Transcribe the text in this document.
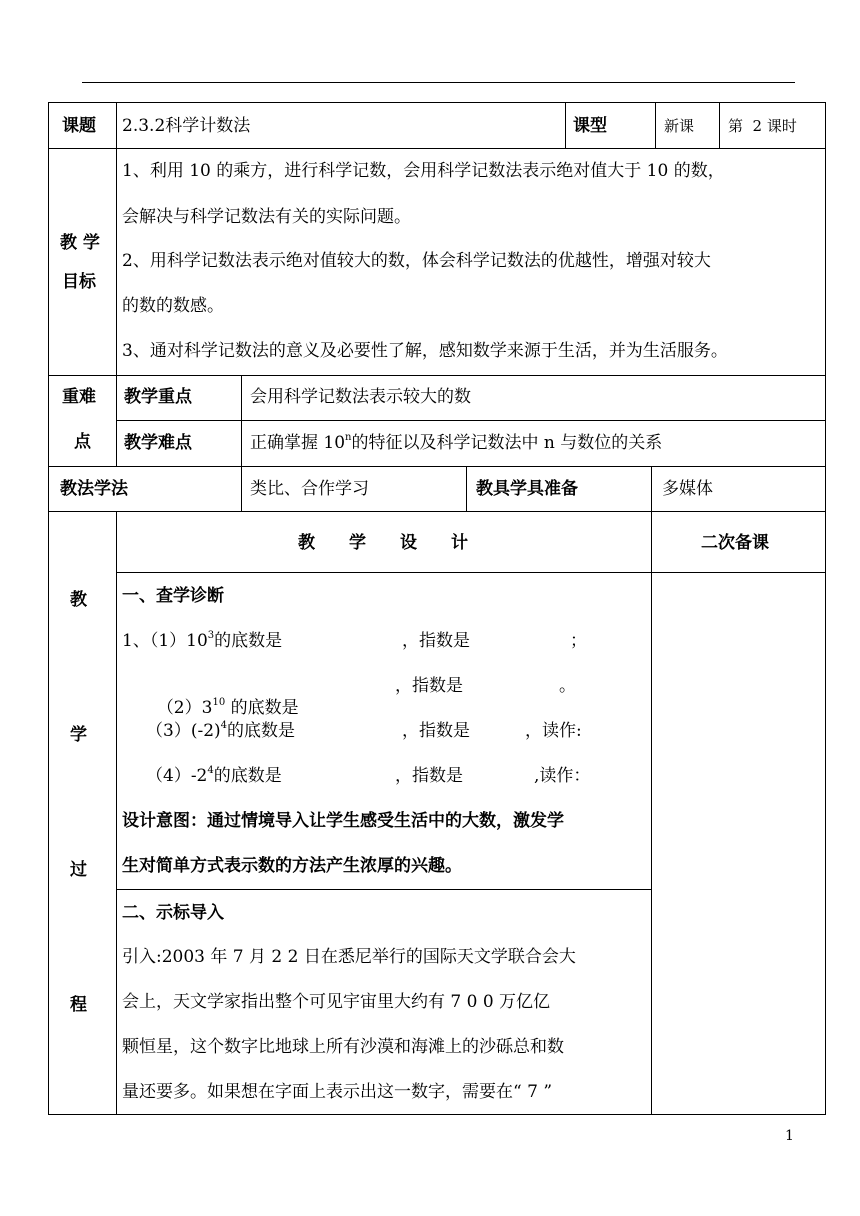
课题 2.3.2科学计数法	课型	新课 第  2 课时
教 学
目标
1、利用 10 的乘方，进行科学记数，会用科学记数法表示绝对值大于 10 的数，
会解决与科学记数法有关的实际问题。
2、用科学记数法表示绝对值较大的数，体会科学记数法的优越性，增强对较大
的数的数感。
3、通对科学记数法的意义及必要性了解，感知数学来源于生活，并为生活服务。
重难
点
教学重点	会用科学记数法表示较大的数
教学难点	正确掌握 10$^n$的特征以及科学记数法中 n 与数位的关系
教法学法	类比、合作学习	教具学具准备	多媒体
教
学
过
程
教　　学　　设　　计	二次备课
一、查学诊断
1、$(1)10^3$的底数是	，指数是	；

$(2)3^{10}$ 的底数是

，指数是	。
$(3)(-2)^4$的底数是	，指数是	，读作:
$(4)-2^4$的底数是	，指数是	,读作：
设计意图：通过情境导入让学生感受生活中的大数，激发学
生对简单方式表示数的方法产生浓厚的兴趣。
二、示标导入
引入:2003 年 7 月 2 2 日在悉尼举行的国际天文学联合会大
会上，天文学家指出整个可见宇宙里大约有 7 0 0 万亿亿
颗恒星，这个数字比地球上所有沙漠和海滩上的沙砾总和数
量还要多。如果想在字面上表示出这一数字，需要在“ 7 ”
1
